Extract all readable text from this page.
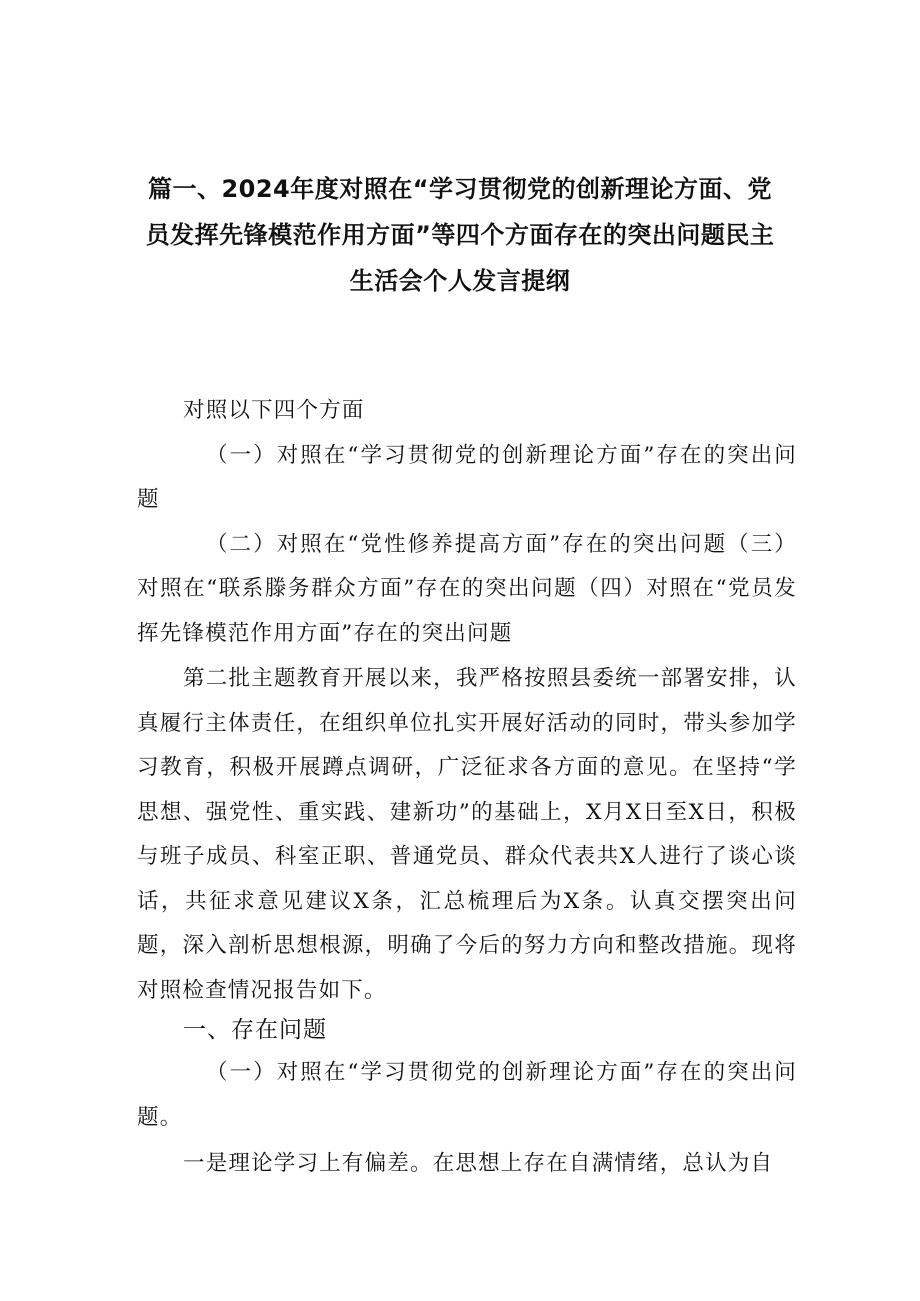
篇一、2024年度对照在“学习贯彻党的创新理论方面、党
员发挥先锋模范作用方面”等四个方面存在的突出问题民主
生活会个人发言提纲

对照以下四个方面

（一）对照在“学习贯彻党的创新理论方面”存在的突出问题

（二）对照在“党性修养提高方面”存在的突出问题（三）对照在“联系滕务群众方面”存在的突出问题（四）对照在“党员发挥先锋模范作用方面”存在的突出问题

第二批主题教育开展以来，我严格按照县委统一部署安排，认真履行主体责任，在组织单位扎实开展好活动的同时，带头参加学习教育，积极开展蹲点调研，广泛征求各方面的意见。在坚持“学思想、强党性、重实践、建新功”的基础上，X月X日至X日，积极与班子成员、科室正职、普通党员、群众代表共X人进行了谈心谈话，共征求意见建议X条，汇总梳理后为X条。认真交摆突出问题，深入剖析思想根源，明确了今后的努力方向和整改措施。现将对照检查情况报告如下。

一、存在问题

（一）对照在“学习贯彻党的创新理论方面”存在的突出问题。

一是理论学习上有偏差。在思想上存在自满情绪，总认为自
